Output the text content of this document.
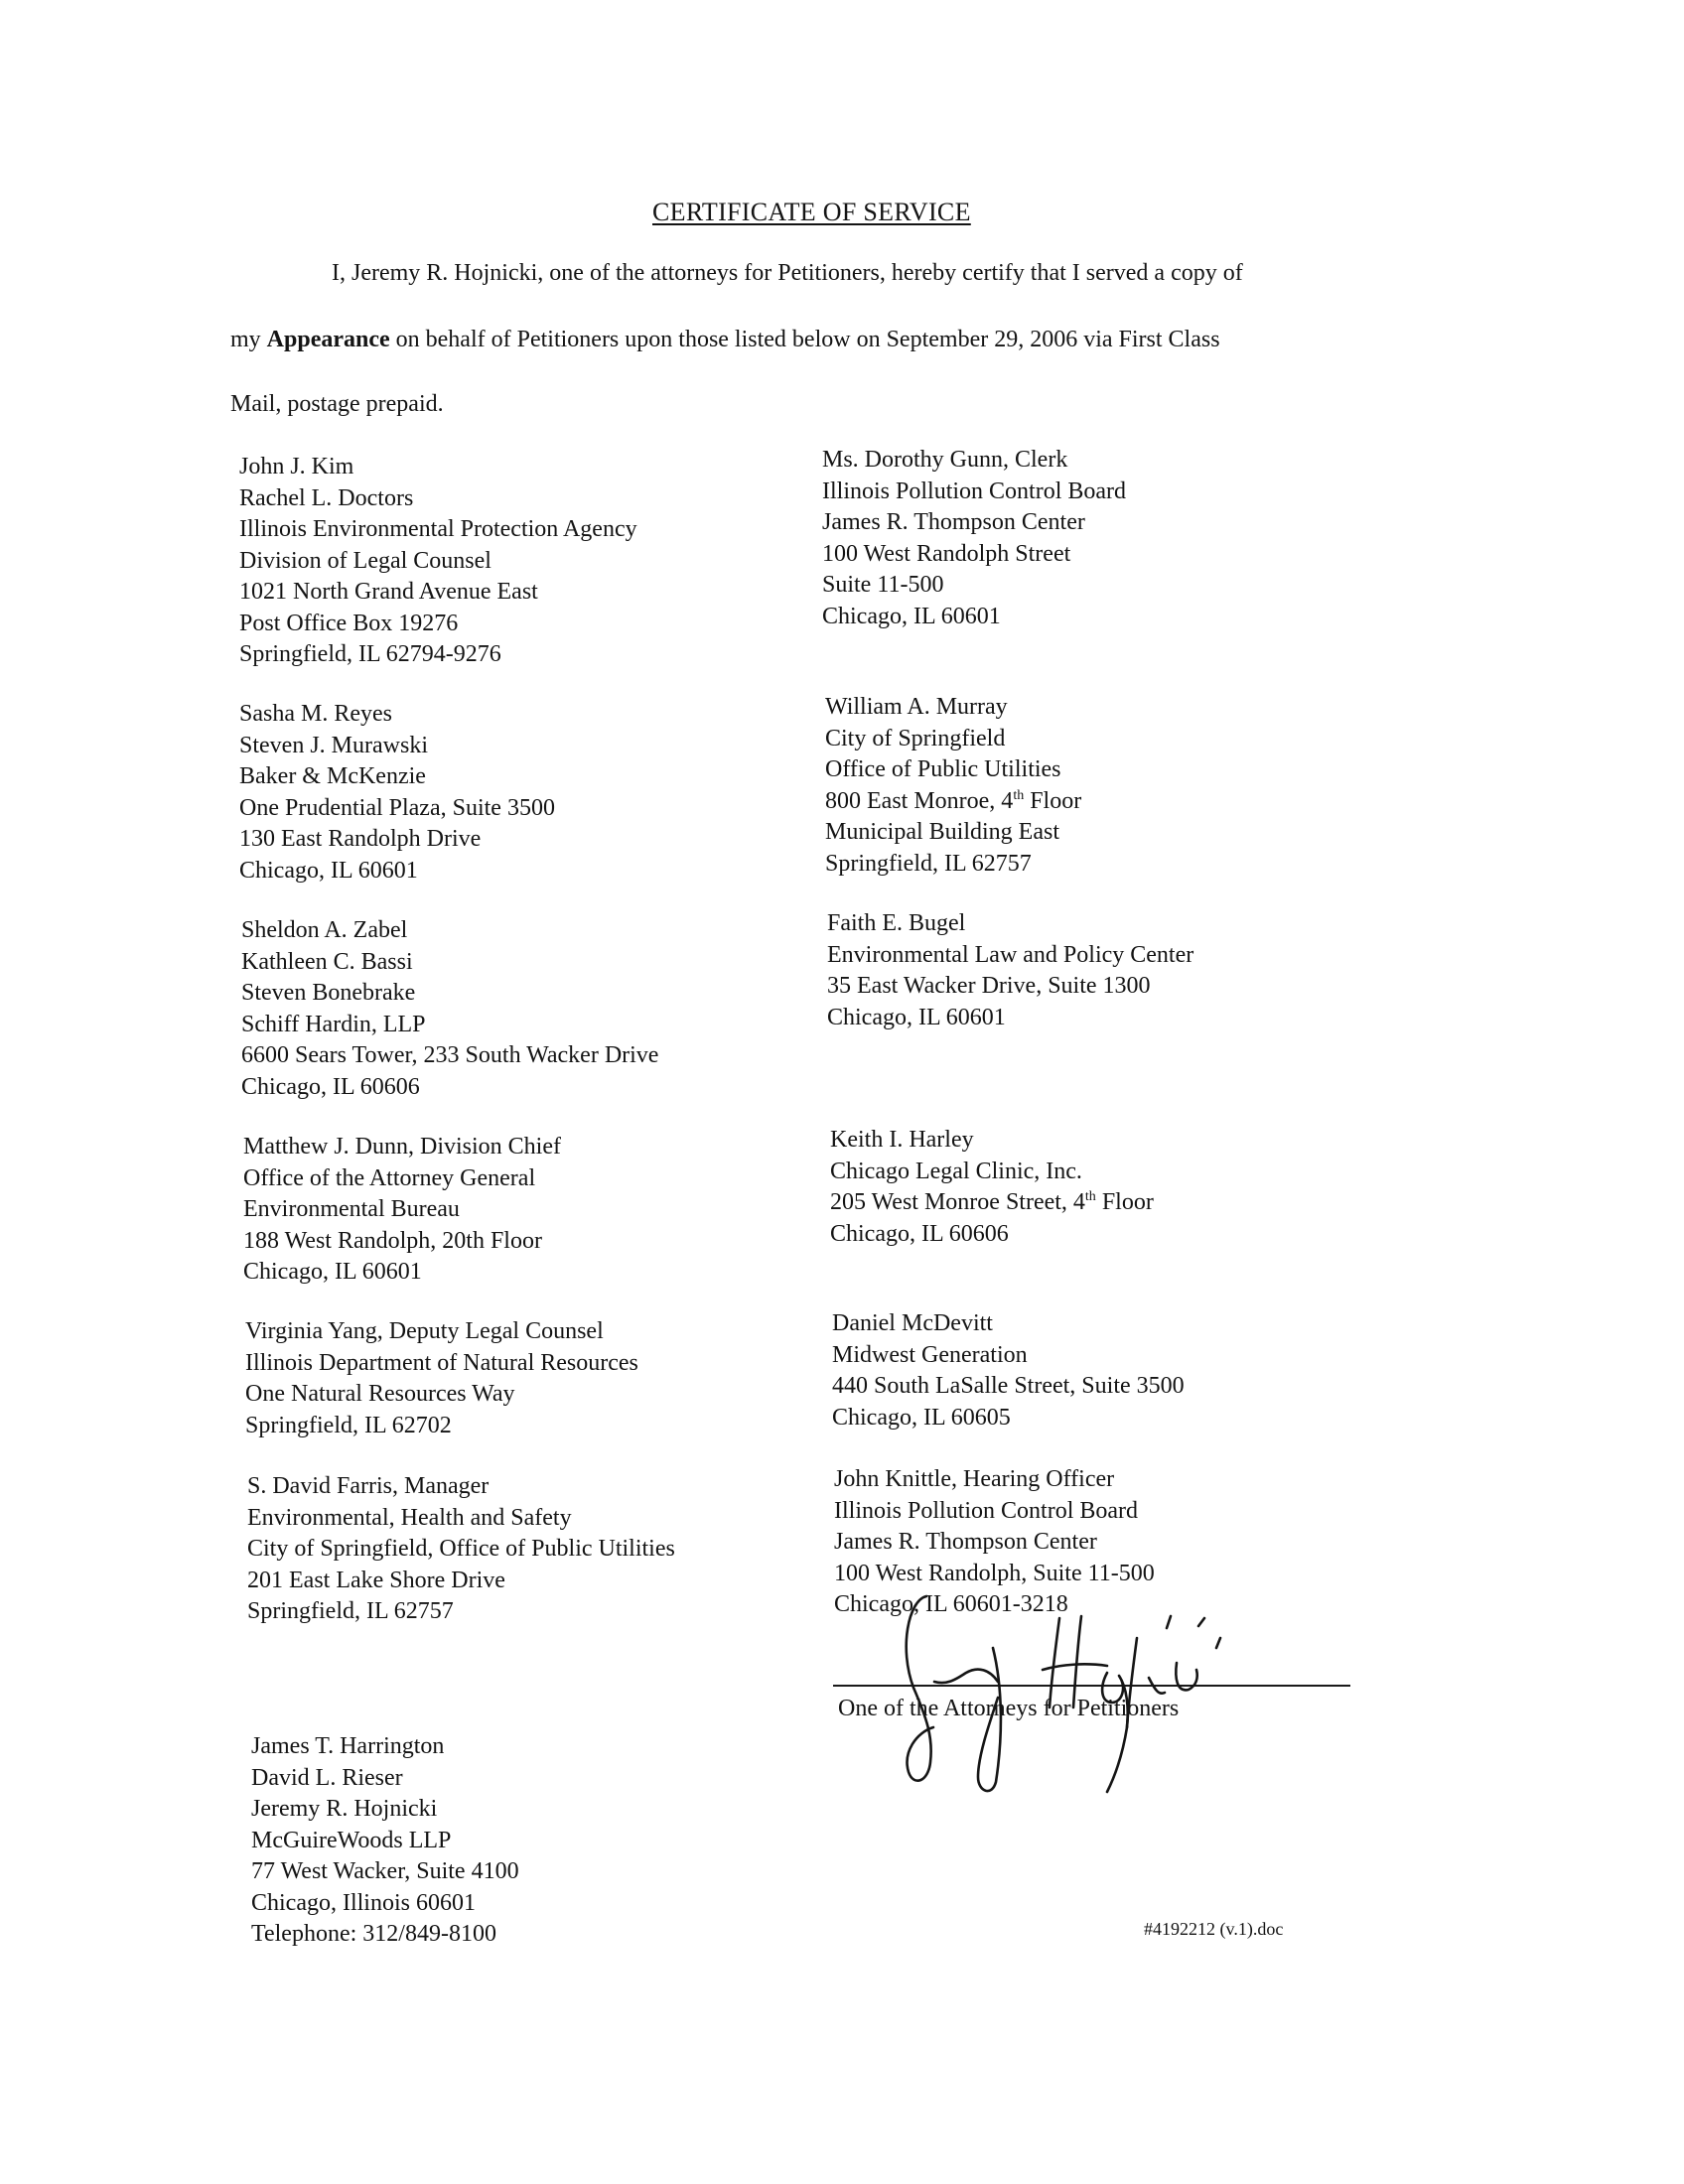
CERTIFICATE OF SERVICE
I, Jeremy R. Hojnicki, one of the attorneys for Petitioners, hereby certify that I served a copy of
my Appearance on behalf of Petitioners upon those listed below on September 29, 2006 via First Class
Mail, postage prepaid.
John J. Kim
Rachel L. Doctors
Illinois Environmental Protection Agency
Division of Legal Counsel
1021 North Grand Avenue East
Post Office Box 19276
Springfield, IL 62794-9276
Sasha M. Reyes
Steven J. Murawski
Baker & McKenzie
One Prudential Plaza, Suite 3500
130 East Randolph Drive
Chicago, IL 60601
Sheldon A. Zabel
Kathleen C. Bassi
Steven Bonebrake
Schiff Hardin, LLP
6600 Sears Tower, 233 South Wacker Drive
Chicago, IL 60606
Matthew J. Dunn, Division Chief
Office of the Attorney General
Environmental Bureau
188 West Randolph, 20th Floor
Chicago, IL 60601
Virginia Yang, Deputy Legal Counsel
Illinois Department of Natural Resources
One Natural Resources Way
Springfield, IL 62702
S. David Farris, Manager
Environmental, Health and Safety
City of Springfield, Office of Public Utilities
201 East Lake Shore Drive
Springfield, IL 62757
Ms. Dorothy Gunn, Clerk
Illinois Pollution Control Board
James R. Thompson Center
100 West Randolph Street
Suite 11-500
Chicago, IL 60601
William A. Murray
City of Springfield
Office of Public Utilities
800 East Monroe, 4th Floor
Municipal Building East
Springfield, IL 62757
Faith E. Bugel
Environmental Law and Policy Center
35 East Wacker Drive, Suite 1300
Chicago, IL 60601
Keith I. Harley
Chicago Legal Clinic, Inc.
205 West Monroe Street, 4th Floor
Chicago, IL 60606
Daniel McDevitt
Midwest Generation
440 South LaSalle Street, Suite 3500
Chicago, IL 60605
John Knittle, Hearing Officer
Illinois Pollution Control Board
James R. Thompson Center
100 West Randolph, Suite 11-500
Chicago, IL 60601-3218
One of the Attorneys for Petitioners
James T. Harrington
David L. Rieser
Jeremy R. Hojnicki
McGuireWoods LLP
77 West Wacker, Suite 4100
Chicago, Illinois 60601
Telephone: 312/849-8100	#4192212 (v.1).doc
